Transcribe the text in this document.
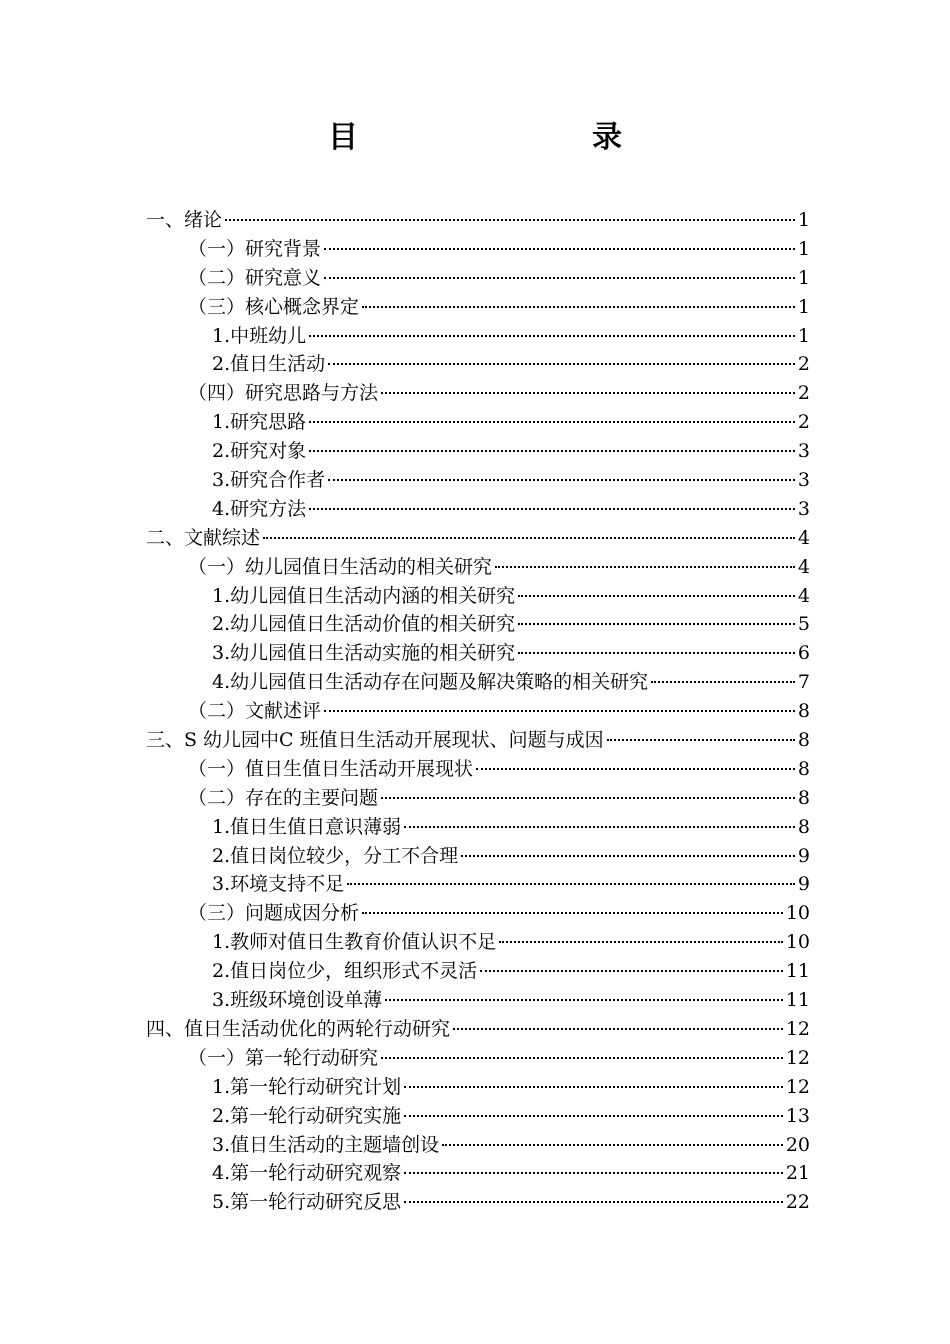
目　　录
一、绪论	1
（一）研究背景	1
（二）研究意义	1
（三）核心概念界定	1
1.中班幼儿	1
2.值日生活动	2
（四）研究思路与方法	2
1.研究思路	2
2.研究对象	3
3.研究合作者	3
4.研究方法	3
二、文献综述	4
（一）幼儿园值日生活动的相关研究	4
1.幼儿园值日生活动内涵的相关研究	4
2.幼儿园值日生活动价值的相关研究	5
3.幼儿园值日生活动实施的相关研究	6
4.幼儿园值日生活动存在问题及解决策略的相关研究	7
（二）文献述评	8
三、S 幼儿园中C 班值日生活动开展现状、问题与成因	8
（一）值日生值日生活动开展现状	8
（二）存在的主要问题	8
1.值日生值日意识薄弱	8
2.值日岗位较少，分工不合理	9
3.环境支持不足	9
（三）问题成因分析	10
1.教师对值日生教育价值认识不足	10
2.值日岗位少，组织形式不灵活	11
3.班级环境创设单薄	11
四、值日生活动优化的两轮行动研究	12
（一）第一轮行动研究	12
1.第一轮行动研究计划	12
2.第一轮行动研究实施	13
3.值日生活动的主题墙创设	20
4.第一轮行动研究观察	21
5.第一轮行动研究反思	22
